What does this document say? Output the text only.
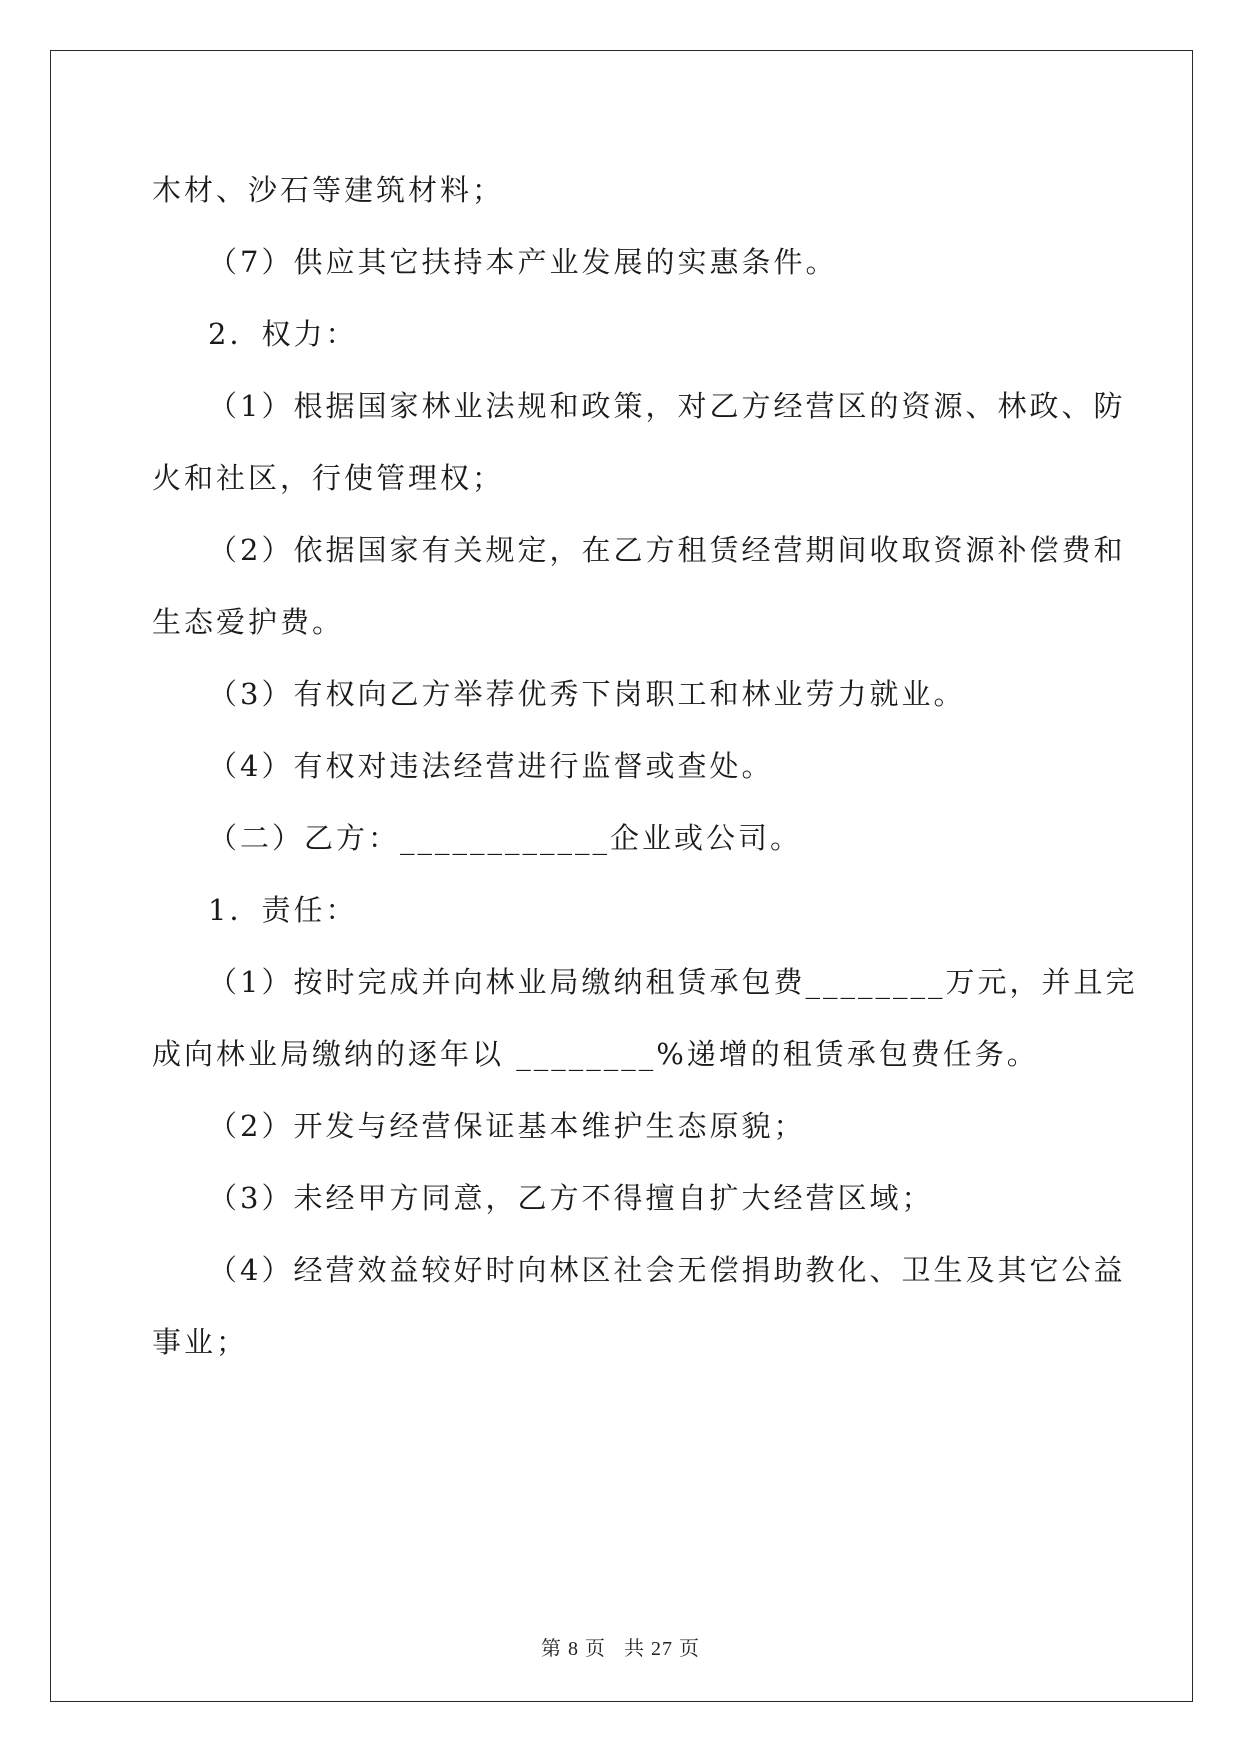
木材、沙石等建筑材料；
（7）供应其它扶持本产业发展的实惠条件。
2．权力：
（1）根据国家林业法规和政策，对乙方经营区的资源、林政、防
火和社区，行使管理权；
（2）依据国家有关规定，在乙方租赁经营期间收取资源补偿费和
生态爱护费。
（3）有权向乙方举荐优秀下岗职工和林业劳力就业。
（4）有权对违法经营进行监督或查处。
（二）乙方：____________企业或公司。
1．责任：
（1）按时完成并向林业局缴纳租赁承包费________万元，并且完
成向林业局缴纳的逐年以 ________%递增的租赁承包费任务。
（2）开发与经营保证基本维护生态原貌；
（3）未经甲方同意，乙方不得擅自扩大经营区域；
（4）经营效益较好时向林区社会无偿捐助教化、卫生及其它公益
事业；
第 8 页 共 27 页
